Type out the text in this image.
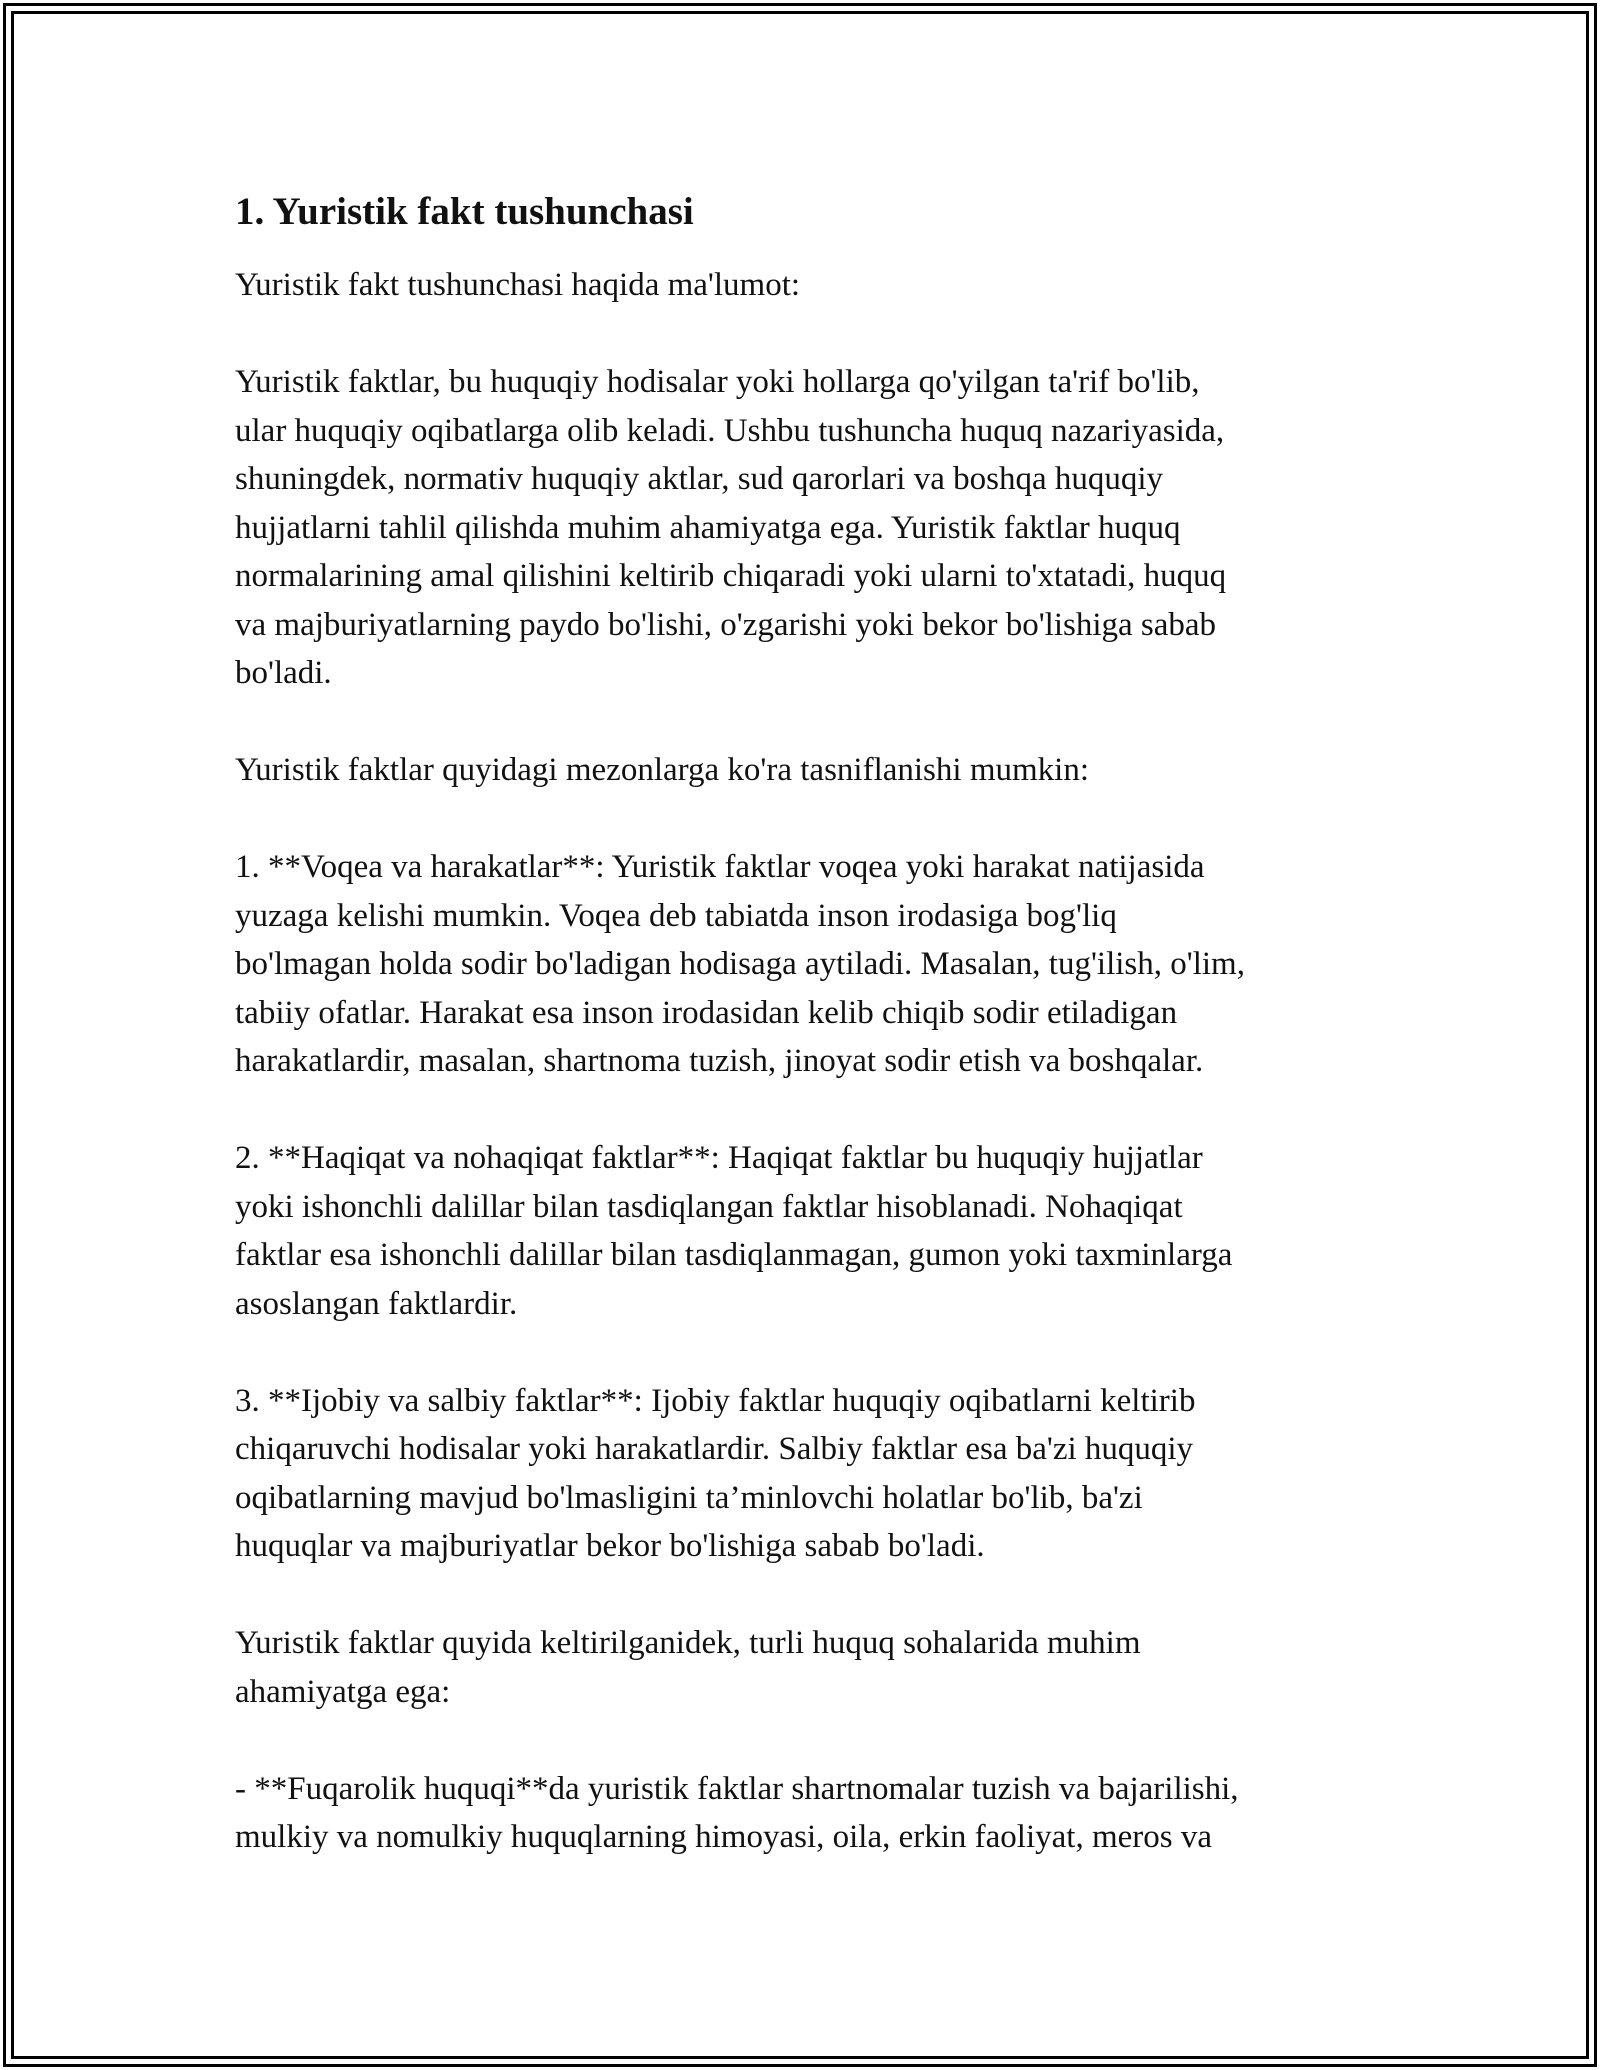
1. Yuristik fakt tushunchasi

Yuristik fakt tushunchasi haqida ma'lumot:

Yuristik faktlar, bu huquqiy hodisalar yoki hollarga qo'yilgan ta'rif bo'lib,
ular huquqiy oqibatlarga olib keladi. Ushbu tushuncha huquq nazariyasida,
shuningdek, normativ huquqiy aktlar, sud qarorlari va boshqa huquqiy
hujjatlarni tahlil qilishda muhim ahamiyatga ega. Yuristik faktlar huquq
normalarining amal qilishini keltirib chiqaradi yoki ularni to'xtatadi, huquq
va majburiyatlarning paydo bo'lishi, o'zgarishi yoki bekor bo'lishiga sabab
bo'ladi.

Yuristik faktlar quyidagi mezonlarga ko'ra tasniflanishi mumkin:

1. **Voqea va harakatlar**: Yuristik faktlar voqea yoki harakat natijasida
yuzaga kelishi mumkin. Voqea deb tabiatda inson irodasiga bog'liq
bo'lmagan holda sodir bo'ladigan hodisaga aytiladi. Masalan, tug'ilish, o'lim,
tabiiy ofatlar. Harakat esa inson irodasidan kelib chiqib sodir etiladigan
harakatlardir, masalan, shartnoma tuzish, jinoyat sodir etish va boshqalar.

2. **Haqiqat va nohaqiqat faktlar**: Haqiqat faktlar bu huquqiy hujjatlar
yoki ishonchli dalillar bilan tasdiqlangan faktlar hisoblanadi. Nohaqiqat
faktlar esa ishonchli dalillar bilan tasdiqlanmagan, gumon yoki taxminlarga
asoslangan faktlardir.

3. **Ijobiy va salbiy faktlar**: Ijobiy faktlar huquqiy oqibatlarni keltirib
chiqaruvchi hodisalar yoki harakatlardir. Salbiy faktlar esa ba'zi huquqiy
oqibatlarning mavjud bo'lmasligini ta’minlovchi holatlar bo'lib, ba'zi
huquqlar va majburiyatlar bekor bo'lishiga sabab bo'ladi.

Yuristik faktlar quyida keltirilganidek, turli huquq sohalarida muhim
ahamiyatga ega:

- **Fuqarolik huquqi**da yuristik faktlar shartnomalar tuzish va bajarilishi,
mulkiy va nomulkiy huquqlarning himoyasi, oila, erkin faoliyat, meros va
